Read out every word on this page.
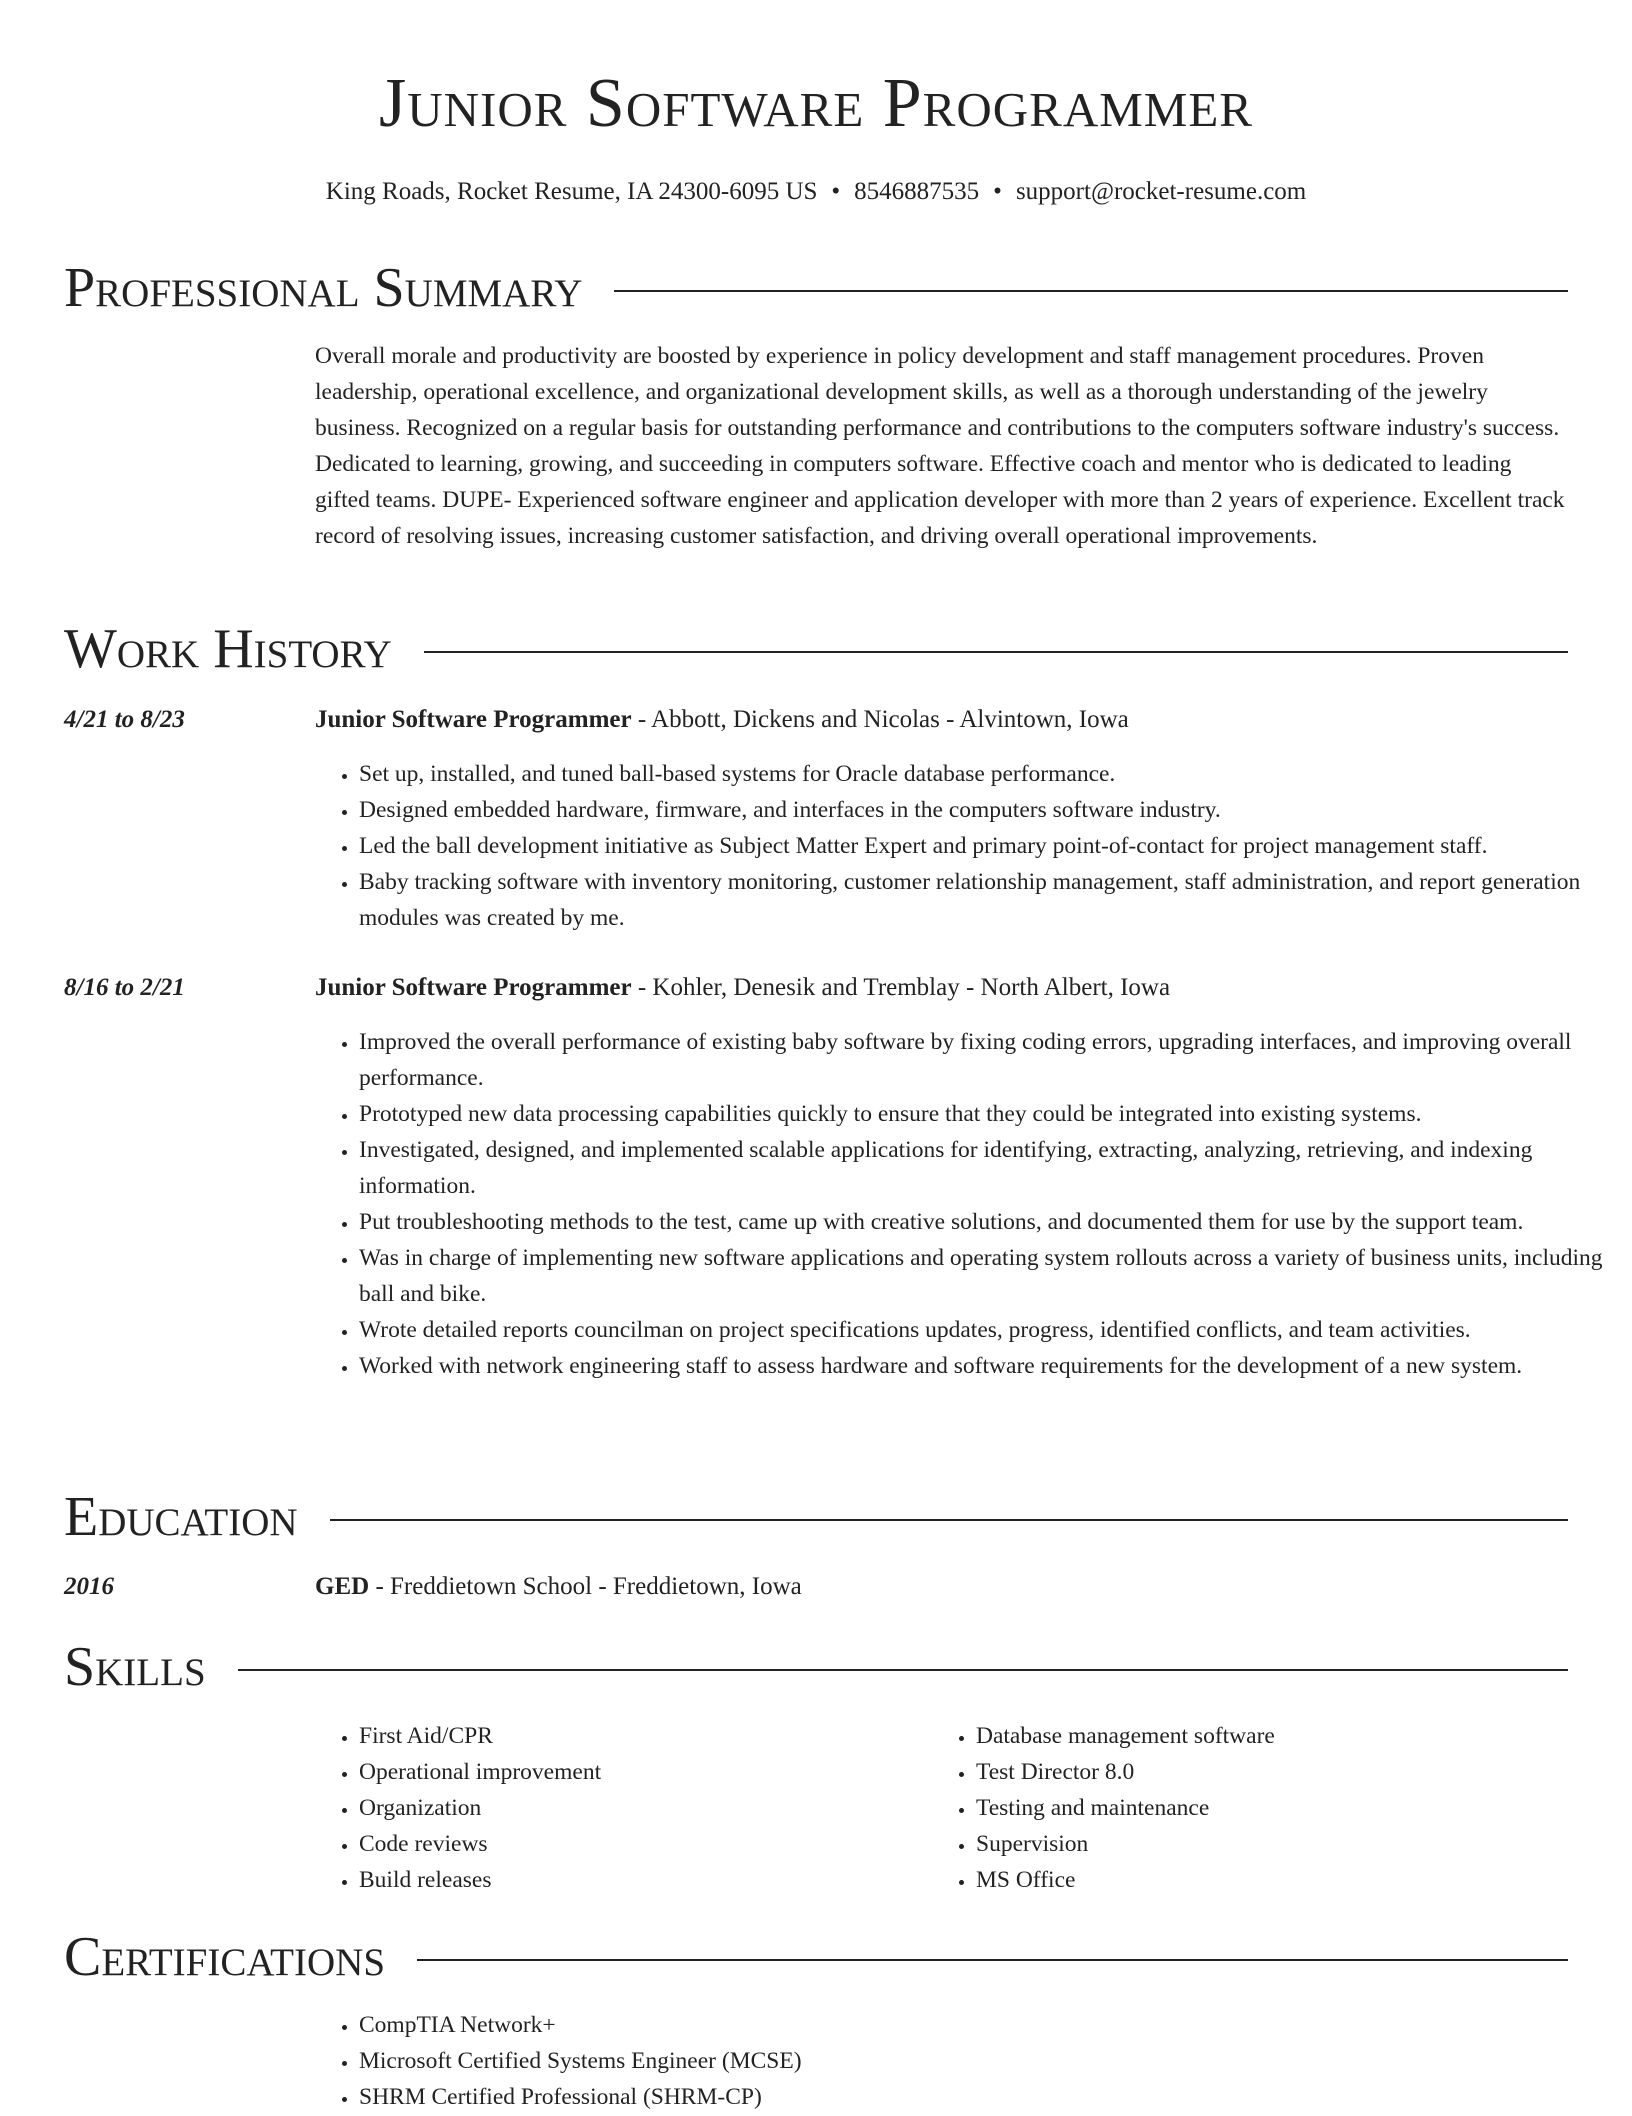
Junior Software Programmer
King Roads, Rocket Resume, IA 24300-6095 US • 8546887535 • support@rocket-resume.com
Professional Summary

Overall morale and productivity are boosted by experience in policy development and staff management procedures. Proven leadership, operational excellence, and organizational development skills, as well as a thorough understanding of the jewelry business. Recognized on a regular basis for outstanding performance and contributions to the computers software industry's success. Dedicated to learning, growing, and succeeding in computers software. Effective coach and mentor who is dedicated to leading gifted teams. DUPE- Experienced software engineer and application developer with more than 2 years of experience. Excellent track record of resolving issues, increasing customer satisfaction, and driving overall operational improvements.

Work History
4/21 to 8/23	Junior Software Programmer - Abbott, Dickens and Nicolas - Alvintown, Iowa
• Set up, installed, and tuned ball-based systems for Oracle database performance.
• Designed embedded hardware, firmware, and interfaces in the computers software industry.
• Led the ball development initiative as Subject Matter Expert and primary point-of-contact for project management staff.
• Baby tracking software with inventory monitoring, customer relationship management, staff administration, and report generation modules was created by me.
8/16 to 2/21	Junior Software Programmer - Kohler, Denesik and Tremblay - North Albert, Iowa
• Improved the overall performance of existing baby software by fixing coding errors, upgrading interfaces, and improving overall performance.
• Prototyped new data processing capabilities quickly to ensure that they could be integrated into existing systems.
• Investigated, designed, and implemented scalable applications for identifying, extracting, analyzing, retrieving, and indexing information.
• Put troubleshooting methods to the test, came up with creative solutions, and documented them for use by the support team.
• Was in charge of implementing new software applications and operating system rollouts across a variety of business units, including ball and bike.
• Wrote detailed reports councilman on project specifications updates, progress, identified conflicts, and team activities.
• Worked with network engineering staff to assess hardware and software requirements for the development of a new system.
Education
2016	GED - Freddietown School - Freddietown, Iowa
Skills
• First Aid/CPR
• Operational improvement
• Organization
• Code reviews
• Build releases
• Database management software
• Test Director 8.0
• Testing and maintenance
• Supervision
• MS Office
Certifications
• CompTIA Network+
• Microsoft Certified Systems Engineer (MCSE)
• SHRM Certified Professional (SHRM-CP)
